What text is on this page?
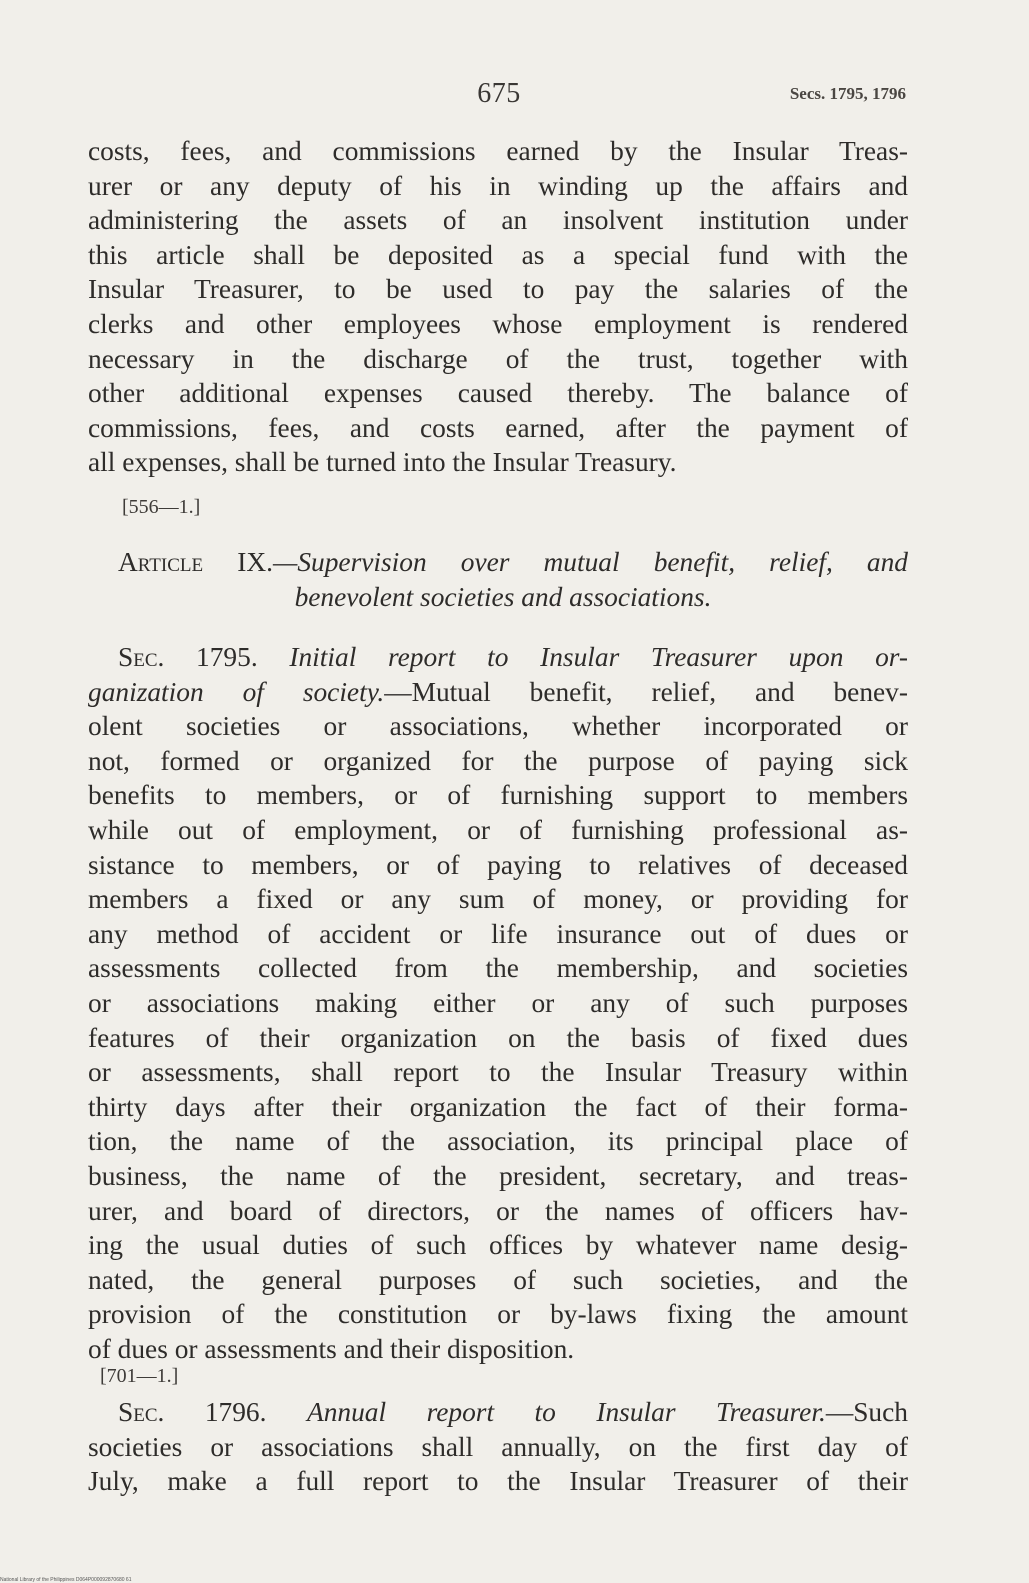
675	Secs. 1795, 1796
costs, fees, and commissions earned by the Insular Treas-
urer or any deputy of his in winding up the affairs and
administering the assets of an insolvent institution under
this article shall be deposited as a special fund with the
Insular Treasurer, to be used to pay the salaries of the
clerks and other employees whose employment is rendered
necessary in the discharge of the trust, together with
other additional expenses caused thereby. The balance of
commissions, fees, and costs earned, after the payment of
all expenses, shall be turned into the Insular Treasury.
[556—1.]
Article IX.—Supervision over mutual benefit, relief, and
benevolent societies and associations.
Sec. 1795. Initial report to Insular Treasurer upon or-
ganization of society.—Mutual benefit, relief, and benev-
olent societies or associations, whether incorporated or
not, formed or organized for the purpose of paying sick
benefits to members, or of furnishing support to members
while out of employment, or of furnishing professional as-
sistance to members, or of paying to relatives of deceased
members a fixed or any sum of money, or providing for
any method of accident or life insurance out of dues or
assessments collected from the membership, and societies
or associations making either or any of such purposes
features of their organization on the basis of fixed dues
or assessments, shall report to the Insular Treasury within
thirty days after their organization the fact of their forma-
tion, the name of the association, its principal place of
business, the name of the president, secretary, and treas-
urer, and board of directors, or the names of officers hav-
ing the usual duties of such offices by whatever name desig-
nated, the general purposes of such societies, and the
provision of the constitution or by-laws fixing the amount
of dues or assessments and their disposition.
[701—1.]
Sec. 1796. Annual report to Insular Treasurer.—Such
societies or associations shall annually, on the first day of
July, make a full report to the Insular Treasurer of their
National Library of the Philippines D064P000092870680 61
